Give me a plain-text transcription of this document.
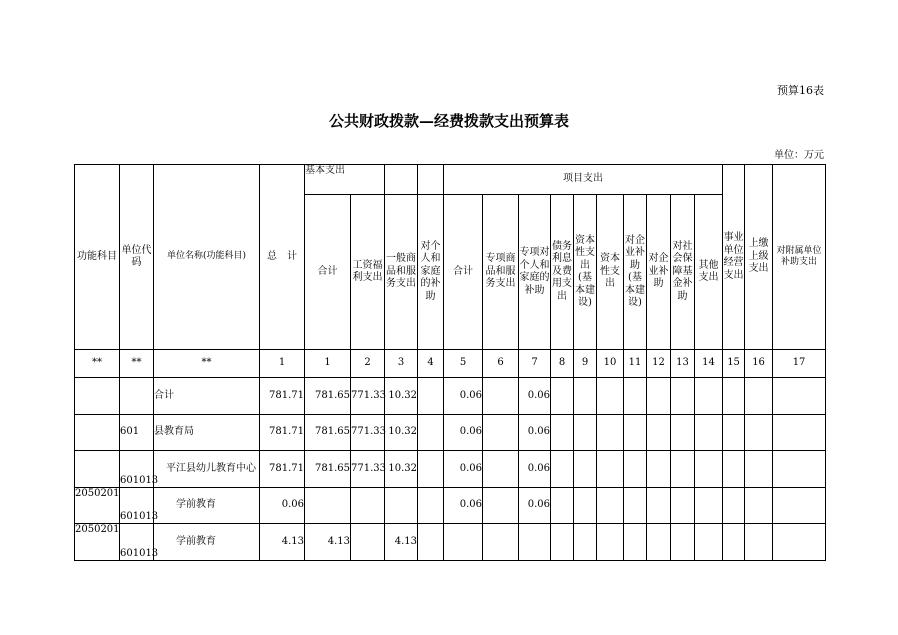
预算16表
公共财政拨款—经费拨款支出预算表
单位：万元
功能科目	单位代码	单位名称(功能科目)	总　计	基本支出				项目支出										事业单位经营支出	上缴上级支出	对附属单位补助支出
				合计	工资福利支出	一般商品和服务支出	对个人和家庭的补助	合计	专项商品和服务支出	专项对个人和家庭的补助	债务利息及费用支出	资本性支出(基本建设)	资本性支出	对企业补助(基本建设)	对企业补助	对社会保障基金补助	其他支出			
**	**	**	1	1	2	3	4	5	6	7	8	9	10	11	12	13	14	15	16	17
		合计	781.71	781.65	771.33	10.32		0.06		0.06										
	601	县教育局	781.71	781.65	771.33	10.32		0.06		0.06										
	601013	平江县幼儿教育中心	781.71	781.65	771.33	10.32		0.06		0.06										
2050201	601013	学前教育	0.06					0.06		0.06										
2050201	601013	学前教育	4.13	4.13		4.13														
